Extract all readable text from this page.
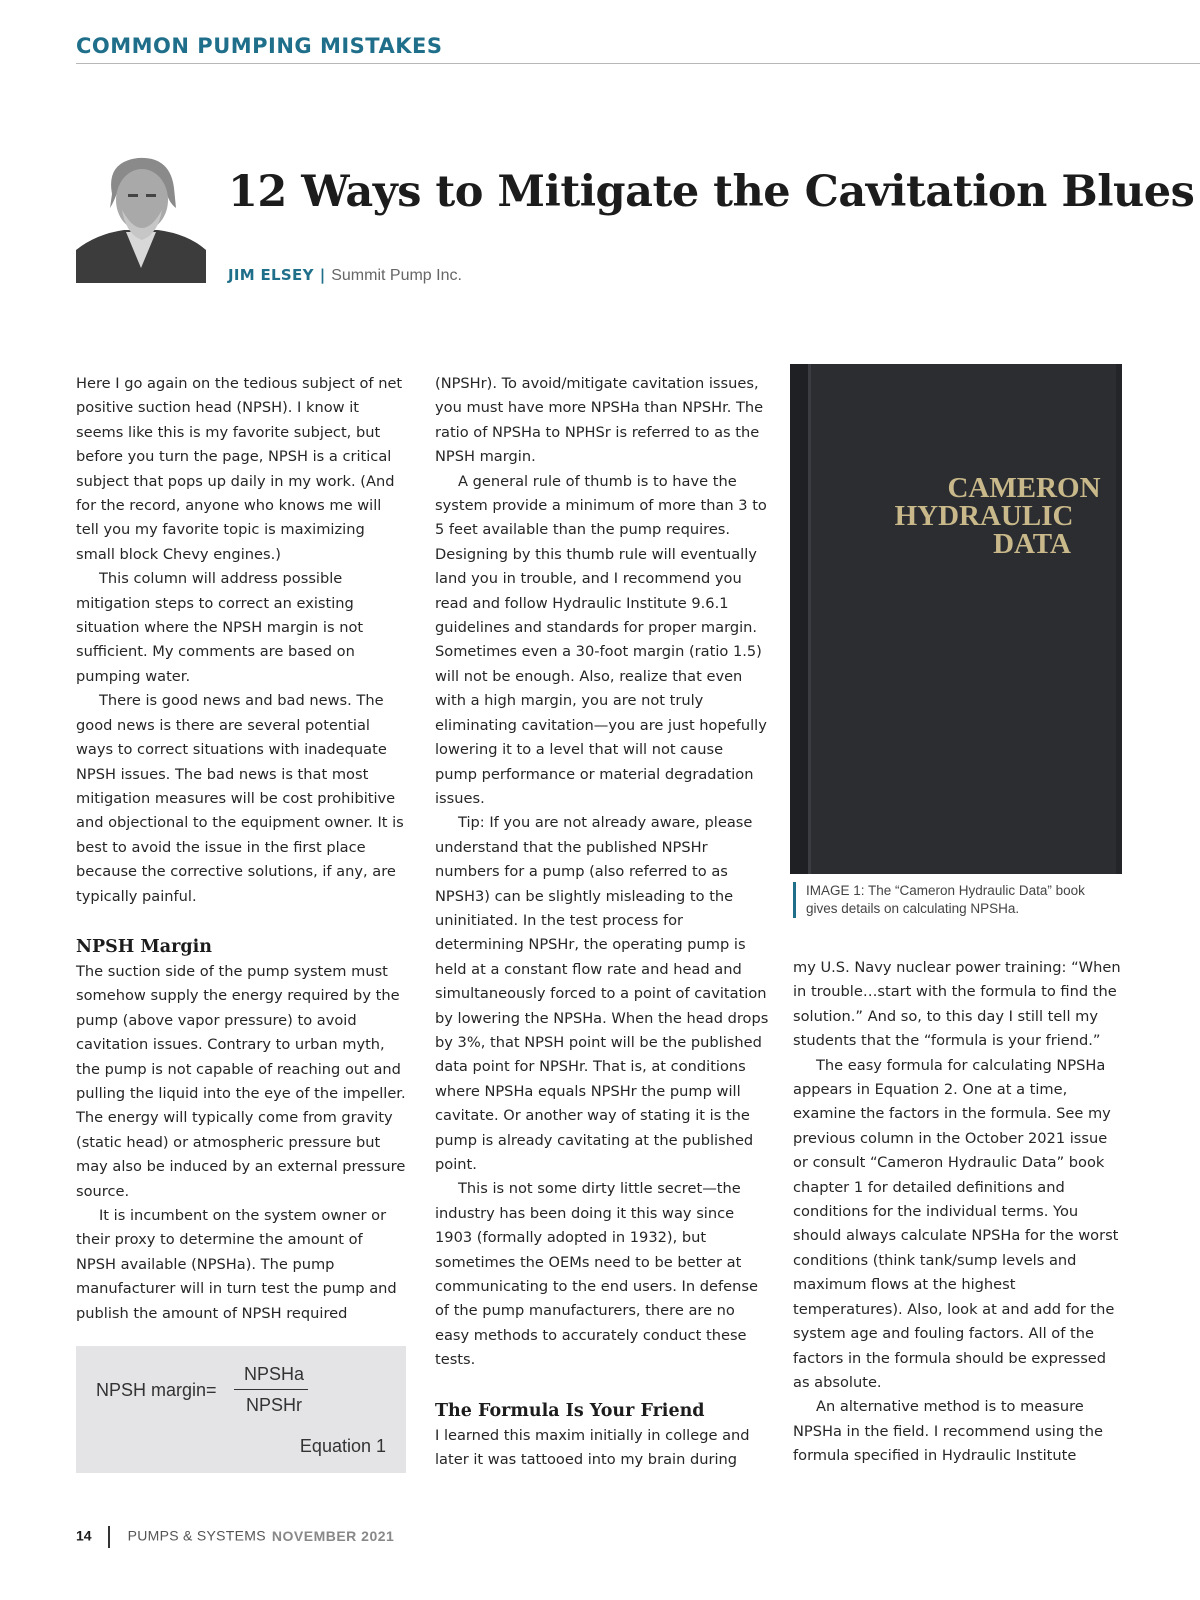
COMMON PUMPING MISTAKES
12 Ways to Mitigate the Cavitation Blues
JIM ELSEY | Summit Pump Inc.

Here I go again on the tedious subject of net positive suction head (NPSH). I know it seems like this is my favorite subject, but before you turn the page, NPSH is a critical subject that pops up daily in my work. (And for the record, anyone who knows me will tell you my favorite topic is maximizing small block Chevy engines.)

This column will address possible mitigation steps to correct an existing situation where the NPSH margin is not sufficient. My comments are based on pumping water.

There is good news and bad news. The good news is there are several potential ways to correct situations with inadequate NPSH issues. The bad news is that most mitigation measures will be cost prohibitive and objectional to the equipment owner. It is best to avoid the issue in the first place because the corrective solutions, if any, are typically painful.

NPSH Margin

The suction side of the pump system must somehow supply the energy required by the pump (above vapor pressure) to avoid cavitation issues. Contrary to urban myth, the pump is not capable of reaching out and pulling the liquid into the eye of the impeller. The energy will typically come from gravity (static head) or atmospheric pressure but may also be induced by an external pressure source.

It is incumbent on the system owner or their proxy to determine the amount of NPSH available (NPSHa). The pump manufacturer will in turn test the pump and publish the amount of NPSH required

NPSH margin=
NPSHa
NPSHr
Equation 1

(NPSHr). To avoid/mitigate cavitation issues, you must have more NPSHa than NPSHr. The ratio of NPSHa to NPHSr is referred to as the NPSH margin.

A general rule of thumb is to have the system provide a minimum of more than 3 to 5 feet available than the pump requires. Designing by this thumb rule will eventually land you in trouble, and I recommend you read and follow Hydraulic Institute 9.6.1 guidelines and standards for proper margin. Sometimes even a 30-foot margin (ratio 1.5) will not be enough. Also, realize that even with a high margin, you are not truly eliminating cavitation—you are just hopefully lowering it to a level that will not cause pump performance or material degradation issues.

Tip: If you are not already aware, please understand that the published NPSHr numbers for a pump (also referred to as NPSH3) can be slightly misleading to the uninitiated. In the test process for determining NPSHr, the operating pump is held at a constant flow rate and head and simultaneously forced to a point of cavitation by lowering the NPSHa. When the head drops by 3%, that NPSH point will be the published data point for NPSHr. That is, at conditions where NPSHa equals NPSHr the pump will cavitate. Or another way of stating it is the pump is already cavitating at the published point.

This is not some dirty little secret—the industry has been doing it this way since 1903 (formally adopted in 1932), but sometimes the OEMs need to be better at communicating to the end users. In defense of the pump manufacturers, there are no easy methods to accurately conduct these tests.

The Formula Is Your Friend

I learned this maxim initially in college and later it was tattooed into my brain during

CAMERON
HYDRAULIC
DATA
IMAGE 1: The “Cameron Hydraulic Data” book gives details on calculating NPSHa.

my U.S. Navy nuclear power training: “When in trouble…start with the formula to find the solution.” And so, to this day I still tell my students that the “formula is your friend.”

The easy formula for calculating NPSHa appears in Equation 2. One at a time, examine the factors in the formula. See my previous column in the October 2021 issue or consult “Cameron Hydraulic Data” book chapter 1 for detailed definitions and conditions for the individual terms. You should always calculate NPSHa for the worst conditions (think tank/sump levels and maximum flows at the highest temperatures). Also, look at and add for the system age and fouling factors. All of the factors in the formula should be expressed as absolute.

An alternative method is to measure NPSHa in the field. I recommend using the formula specified in Hydraulic Institute

14	PUMPS & SYSTEMS NOVEMBER 2021
